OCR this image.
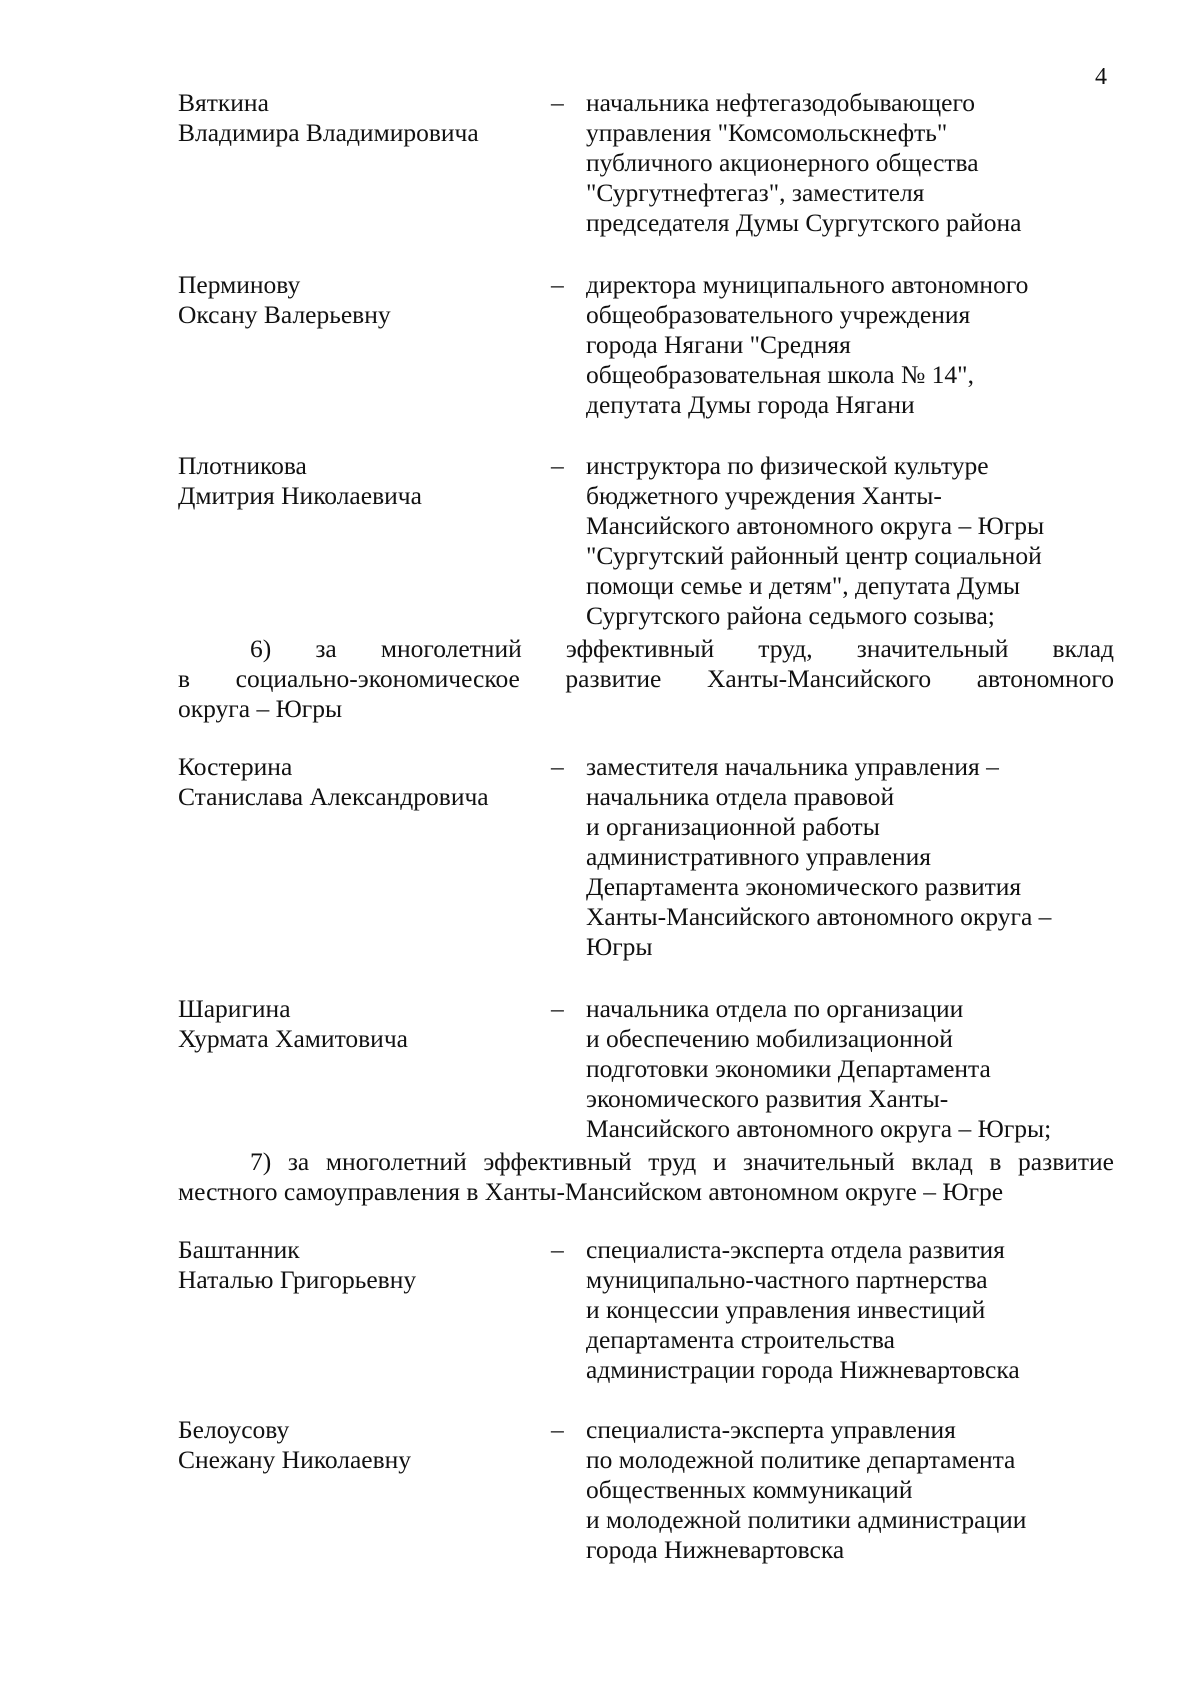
4
Вяткина
Владимира Владимировича
– начальника нефтегазодобывающего
управления "Комсомольскнефть"
публичного акционерного общества
"Сургутнефтегаз", заместителя
председателя Думы Сургутского района
Перминову
Оксану Валерьевну
– директора муниципального автономного
общеобразовательного учреждения
города Нягани "Средняя
общеобразовательная школа № 14",
депутата Думы города Нягани
Плотникова
Дмитрия Николаевича
– инструктора по физической культуре
бюджетного учреждения Ханты-
Мансийского автономного округа – Югры
"Сургутский районный центр социальной
помощи семье и детям", депутата Думы
Сургутского района седьмого созыва;
6) за многолетний эффективный труд, значительный вклад
в социально-экономическое развитие Ханты-Мансийского автономного
округа – Югры
Костерина
Станислава Александровича
– заместителя начальника управления –
начальника отдела правовой
и организационной работы
административного управления
Департамента экономического развития
Ханты-Мансийского автономного округа –
Югры
Шаригина
Хурмата Хамитовича
– начальника отдела по организации
и обеспечению мобилизационной
подготовки экономики Департамента
экономического развития Ханты-
Мансийского автономного округа – Югры;
7) за многолетний эффективный труд и значительный вклад в развитие
местного самоуправления в Ханты-Мансийском автономном округе – Югре
Баштанник
Наталью Григорьевну
– специалиста-эксперта отдела развития
муниципально-частного партнерства
и концессии управления инвестиций
департамента строительства
администрации города Нижневартовска
Белоусову
Снежану Николаевну
– специалиста-эксперта управления
по молодежной политике департамента
общественных коммуникаций
и молодежной политики администрации
города Нижневартовска
